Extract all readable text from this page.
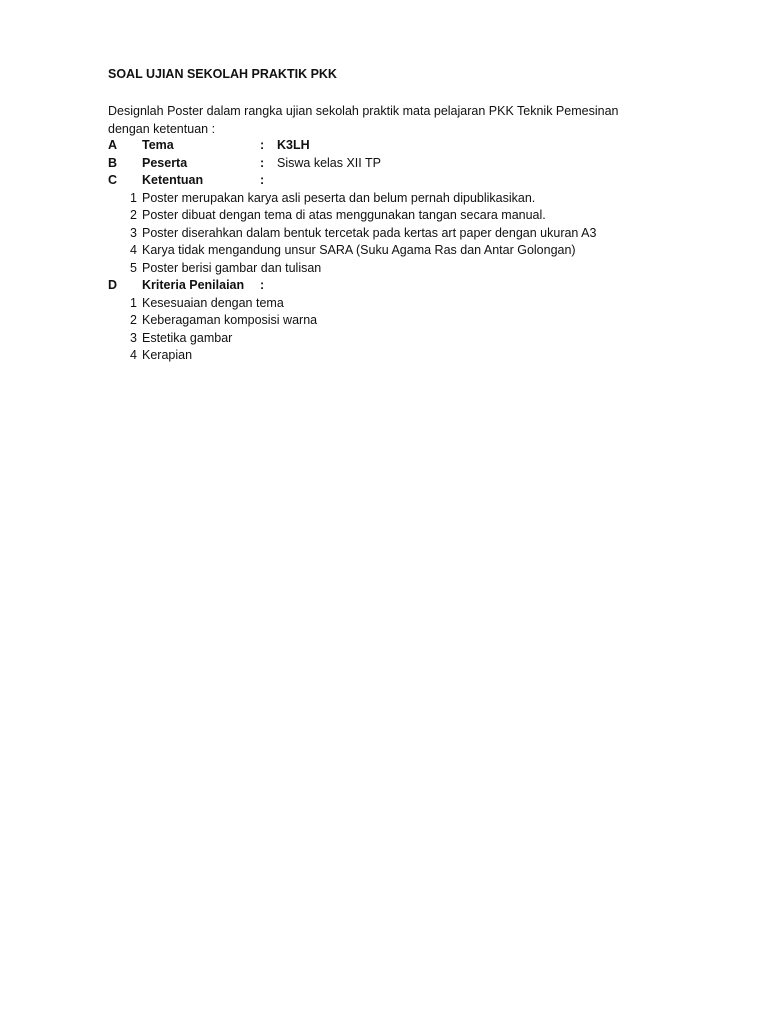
SOAL UJIAN SEKOLAH PRAKTIK PKK
Designlah Poster dalam rangka ujian sekolah praktik mata pelajaran PKK Teknik Pemesinan
dengan ketentuan :
A Tema	: K3LH
B Peserta	: Siswa kelas XII TP
C Ketentuan	:
1 Poster merupakan karya asli peserta dan belum pernah dipublikasikan.
2 Poster dibuat dengan tema di atas menggunakan tangan secara manual.
3 Poster diserahkan dalam bentuk tercetak pada kertas art paper dengan ukuran A3
4 Karya tidak mengandung unsur SARA (Suku Agama Ras dan Antar Golongan)
5 Poster berisi gambar dan tulisan
D Kriteria Penilaian :
1 Kesesuaian dengan tema
2 Keberagaman komposisi warna
3 Estetika gambar
4 Kerapian
